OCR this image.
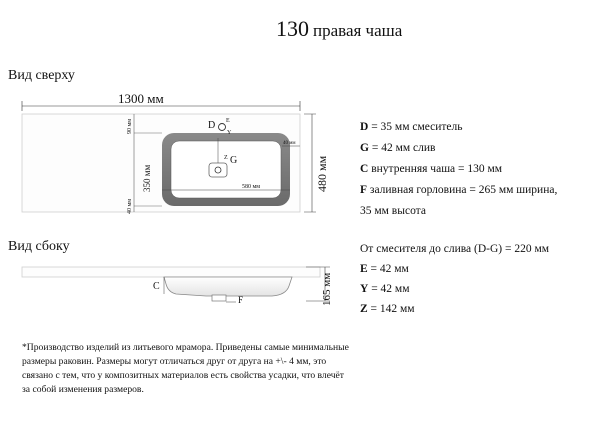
130 правая чаша
Вид сверху
Вид сбоку
1300 мм
G
Z
D E
Y
90 мм
350 мм
40 мм
580 мм
40 мм
480 мм
C
F	165 мм
D = 35 мм смеситель
G = 42 мм слив
C внутренняя чаша = 130 мм
F заливная горловина = 265 мм ширина,
35 мм высота
От смесителя до слива (D-G) = 220 мм
E = 42 мм
Y = 42 мм
Z = 142 мм
*Производство изделий из литьевого мрамора. Приведены самые минимальные размеры раковин. Размеры могут отличаться друг от друга на +\- 4 мм, это связано с тем, что у композитных материалов есть свойства усадки, что влечёт за собой изменения размеров.
